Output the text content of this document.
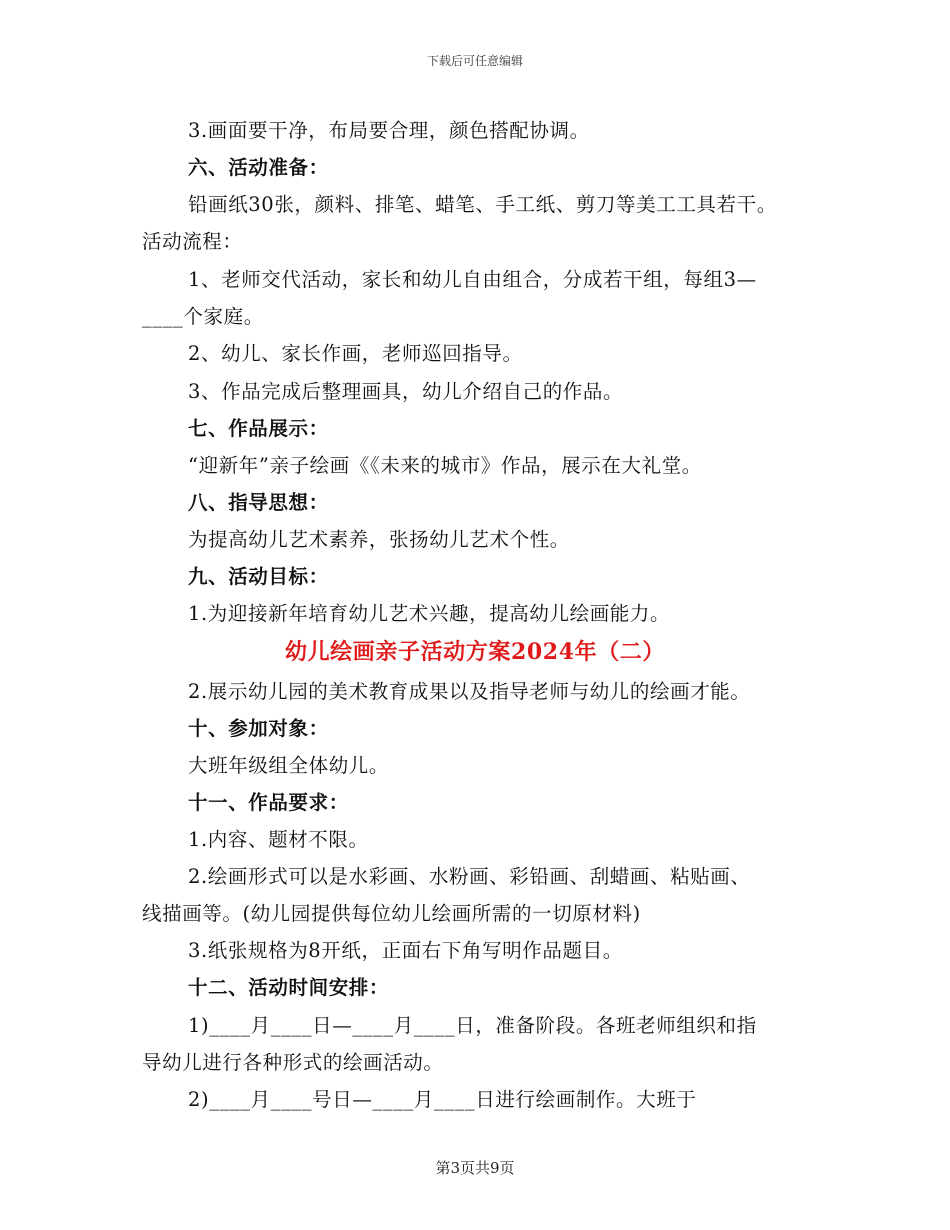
下载后可任意编辑
3.画面要干净，布局要合理，颜色搭配协调。
六、活动准备：
铅画纸30张，颜料、排笔、蜡笔、手工纸、剪刀等美工工具若干。
活动流程：
1、老师交代活动，家长和幼儿自由组合，分成若干组，每组3—
____个家庭。
2、幼儿、家长作画，老师巡回指导。
3、作品完成后整理画具，幼儿介绍自己的作品。
七、作品展示：
“迎新年”亲子绘画《《未来的城市》作品，展示在大礼堂。
八、指导思想：
为提高幼儿艺术素养，张扬幼儿艺术个性。
九、活动目标：
1.为迎接新年培育幼儿艺术兴趣，提高幼儿绘画能力。
幼儿绘画亲子活动方案2024年（二）
2.展示幼儿园的美术教育成果以及指导老师与幼儿的绘画才能。
十、参加对象：
大班年级组全体幼儿。
十一、作品要求：
1.内容、题材不限。
2.绘画形式可以是水彩画、水粉画、彩铅画、刮蜡画、粘贴画、
线描画等。(幼儿园提供每位幼儿绘画所需的一切原材料)
3.纸张规格为8开纸，正面右下角写明作品题目。
十二、活动时间安排：
1)____月____日—____月____日，准备阶段。各班老师组织和指
导幼儿进行各种形式的绘画活动。
2)____月____号日—____月____日进行绘画制作。大班于
第3页共9页
